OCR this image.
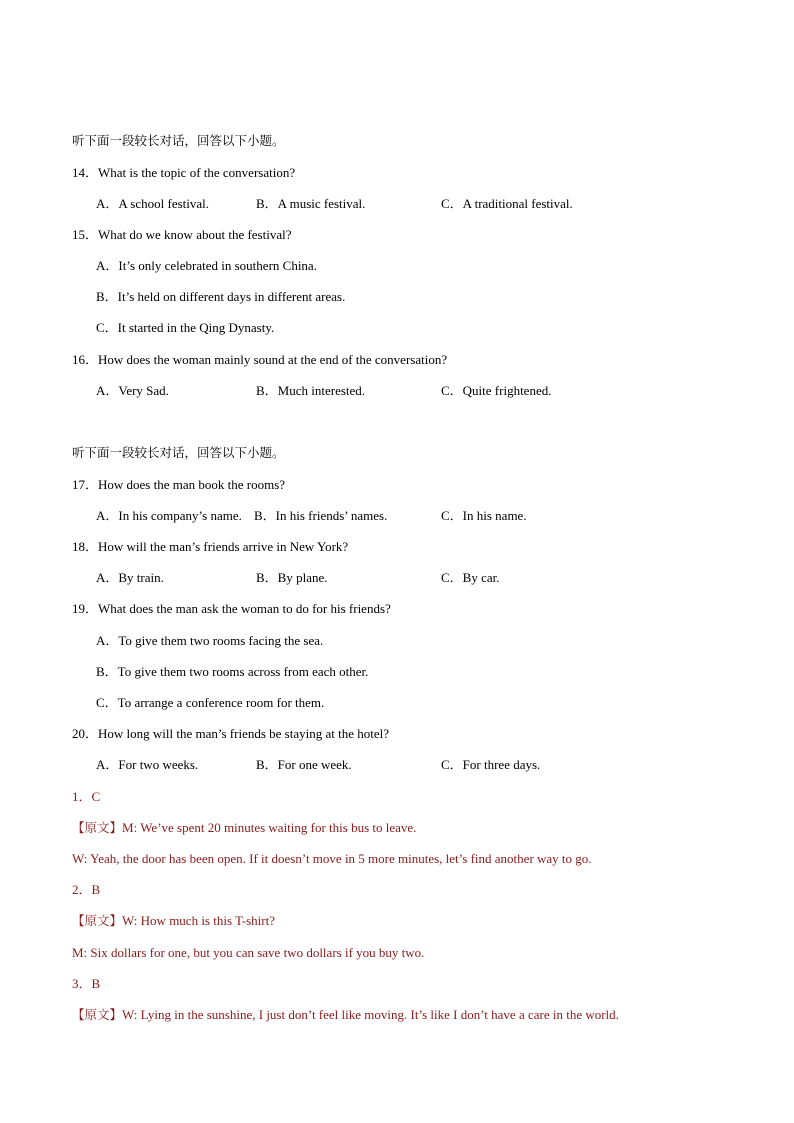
听下面一段较长对话，回答以下小题。
14．What is the topic of the conversation?
A．A school festival.	B．A music festival.	C．A traditional festival.
15．What do we know about the festival?
A．It’s only celebrated in southern China.
B．It’s held on different days in different areas.
C．It started in the Qing Dynasty.
16．How does the woman mainly sound at the end of the conversation?
A．Very Sad.	B．Much interested.	C．Quite frightened.
听下面一段较长对话，回答以下小题。
17．How does the man book the rooms?
A．In his company’s name. B．In his friends’ names.	C．In his name.
18．How will the man’s friends arrive in New York?
A．By train.	B．By plane.	C．By car.
19．What does the man ask the woman to do for his friends?
A．To give them two rooms facing the sea.
B．To give them two rooms across from each other.
C．To arrange a conference room for them.
20．How long will the man’s friends be staying at the hotel?
A．For two weeks.	B．For one week.	C．For three days.
1．C
【原文】M: We’ve spent 20 minutes waiting for this bus to leave.
W: Yeah, the door has been open. If it doesn’t move in 5 more minutes, let’s find another way to go.
2．B
【原文】W: How much is this T-shirt?
M: Six dollars for one, but you can save two dollars if you buy two.
3．B
【原文】W: Lying in the sunshine, I just don’t feel like moving. It’s like I don’t have a care in the world.
